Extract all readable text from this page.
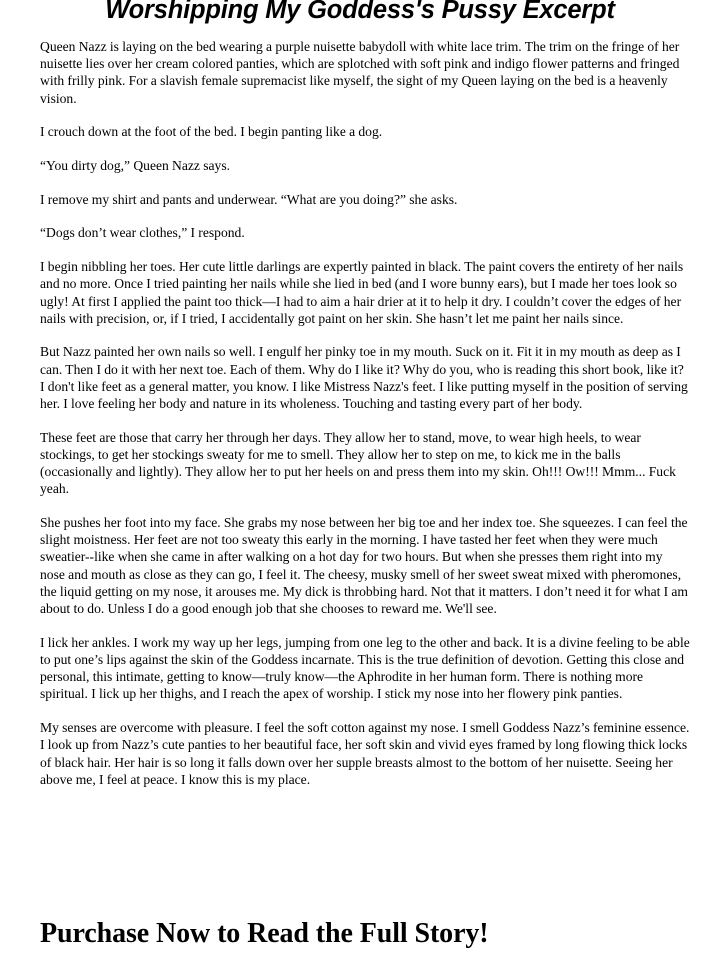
Worshipping My Goddess's Pussy Excerpt

Queen Nazz is laying on the bed wearing a purple nuisette babydoll with white lace trim. The trim on the fringe of her nuisette lies over her cream colored panties, which are splotched with soft pink and indigo flower patterns and fringed with frilly pink. For a slavish female supremacist like myself, the sight of my Queen laying on the bed is a heavenly vision.

I crouch down at the foot of the bed. I begin panting like a dog.

“You dirty dog,” Queen Nazz says.

I remove my shirt and pants and underwear. “What are you doing?” she asks.

“Dogs don’t wear clothes,” I respond.

I begin nibbling her toes. Her cute little darlings are expertly painted in black. The paint covers the entirety of her nails and no more. Once I tried painting her nails while she lied in bed (and I wore bunny ears), but I made her toes look so ugly! At first I applied the paint too thick—I had to aim a hair drier at it to help it dry. I couldn’t cover the edges of her nails with precision, or, if I tried, I accidentally got paint on her skin. She hasn’t let me paint her nails since.

But Nazz painted her own nails so well. I engulf her pinky toe in my mouth. Suck on it. Fit it in my mouth as deep as I can. Then I do it with her next toe. Each of them. Why do I like it? Why do you, who is reading this short book, like it? I don't like feet as a general matter, you know. I like Mistress Nazz's feet. I like putting myself in the position of serving her. I love feeling her body and nature in its wholeness. Touching and tasting every part of her body.

These feet are those that carry her through her days. They allow her to stand, move, to wear high heels, to wear stockings, to get her stockings sweaty for me to smell. They allow her to step on me, to kick me in the balls (occasionally and lightly). They allow her to put her heels on and press them into my skin. Oh!!! Ow!!! Mmm... Fuck yeah.

She pushes her foot into my face. She grabs my nose between her big toe and her index toe. She squeezes. I can feel the slight moistness. Her feet are not too sweaty this early in the morning. I have tasted her feet when they were much sweatier--like when she came in after walking on a hot day for two hours. But when she presses them right into my nose and mouth as close as they can go, I feel it. The cheesy, musky smell of her sweet sweat mixed with pheromones, the liquid getting on my nose, it arouses me. My dick is throbbing hard. Not that it matters. I don’t need it for what I am about to do. Unless I do a good enough job that she chooses to reward me. We'll see.

I lick her ankles. I work my way up her legs, jumping from one leg to the other and back. It is a divine feeling to be able to put one’s lips against the skin of the Goddess incarnate. This is the true definition of devotion. Getting this close and personal, this intimate, getting to know—truly know—the Aphrodite in her human form. There is nothing more spiritual. I lick up her thighs, and I reach the apex of worship. I stick my nose into her flowery pink panties.

My senses are overcome with pleasure. I feel the soft cotton against my nose. I smell Goddess Nazz’s feminine essence. I look up from Nazz’s cute panties to her beautiful face, her soft skin and vivid eyes framed by long flowing thick locks of black hair. Her hair is so long it falls down over her supple breasts almost to the bottom of her nuisette. Seeing her above me, I feel at peace. I know this is my place.

Purchase Now to Read the Full Story!
